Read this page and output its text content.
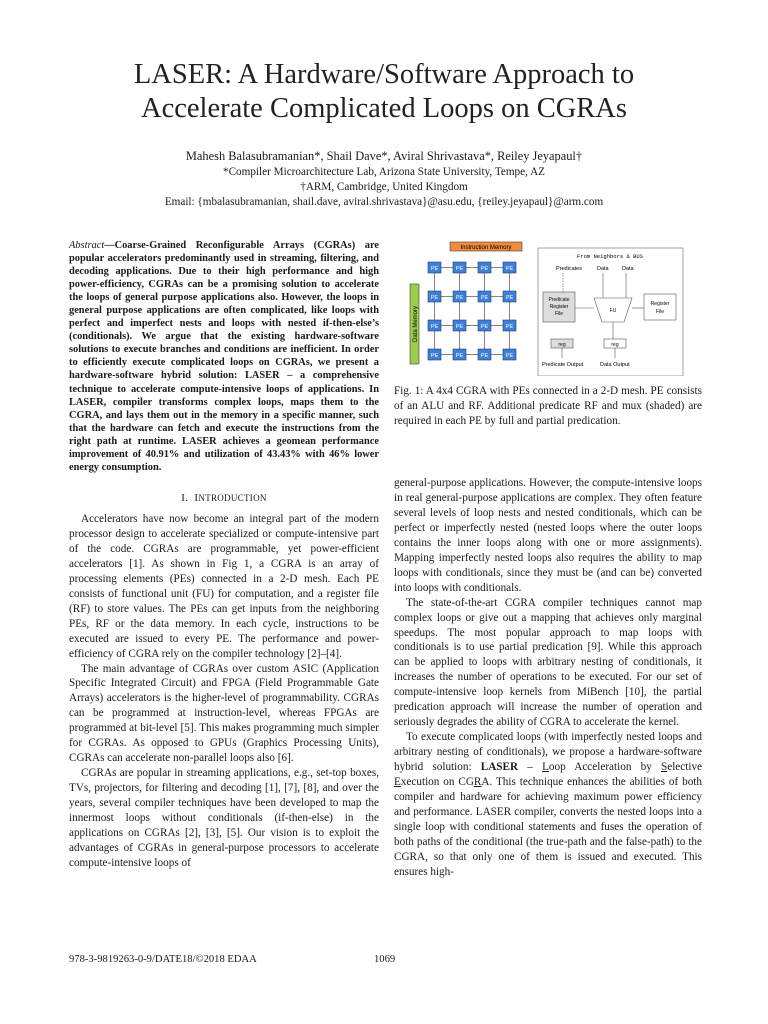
LASER: A Hardware/Software Approach to
Accelerate Complicated Loops on CGRAs
Mahesh Balasubramanian*, Shail Dave*, Aviral Shrivastava*, Reiley Jeyapaul†
*Compiler Microarchitecture Lab, Arizona State University, Tempe, AZ
†ARM, Cambridge, United Kingdom
Email: {mbalasubramanian, shail.dave, aviral.shrivastava}@asu.edu, {reiley.jeyapaul}@arm.com
Abstract—Coarse-Grained Reconfigurable Arrays (CGRAs) are popular accelerators predominantly used in streaming, filtering, and decoding applications. Due to their high performance and high power-efficiency, CGRAs can be a promising solution to accelerate the loops of general purpose applications also. However, the loops in general purpose applications are often complicated, like loops with perfect and imperfect nests and loops with nested if-then-else’s (conditionals). We argue that the existing hardware-software solutions to execute branches and conditions are inefficient. In order to efficiently execute complicated loops on CGRAs, we present a hardware-software hybrid solution: LASER – a comprehensive technique to accelerate compute-intensive loops of applications. In LASER, compiler transforms complex loops, maps them to the CGRA, and lays them out in the memory in a specific manner, such that the hardware can fetch and execute the instructions from the right path at runtime. LASER achieves a geomean performance improvement of 40.91% and utilization of 43.43% with 46% lower energy consumption.
I. INTRODUCTION

Accelerators have now become an integral part of the modern processor design to accelerate specialized or compute-intensive part of the code. CGRAs are programmable, yet power-efficient accelerators [1]. As shown in Fig 1, a CGRA is an array of processing elements (PEs) connected in a 2-D mesh. Each PE consists of functional unit (FU) for computation, and a register file (RF) to store values. The PEs can get inputs from the neighboring PEs, RF or the data memory. In each cycle, instructions to be executed are issued to every PE. The performance and power-efficiency of CGRA rely on the compiler technology [2]–[4].

The main advantage of CGRAs over custom ASIC (Application Specific Integrated Circuit) and FPGA (Field Programmable Gate Arrays) accelerators is the higher-level of programmability. CGRAs can be programmed at instruction-level, whereas FPGAs are programmed at bit-level [5]. This makes programming much simpler for CGRAs. As opposed to GPUs (Graphics Processing Units), CGRAs can accelerate non-parallel loops also [6].

CGRAs are popular in streaming applications, e.g., set-top boxes, TVs, projectors, for filtering and decoding [1], [7], [8], and over the years, several compiler techniques have been developed to map the innermost loops without conditionals (if-then-else) in the applications on CGRAs [2], [3], [5]. Our vision is to exploit the advantages of CGRAs in general-purpose processors to accelerate compute-intensive loops of

PE	PE	PE	PE
PE	PE	PE	PE
PE	PE	PE	PE
PE	PE	PE	PE
Instruction Memory
Data Memory
From Neighbors & BUS
Predicates	Data Data
Predicate
Register
File	FU
Register
File
reg	reg
Predicate Output	Data Output
Fig. 1: A 4x4 CGRA with PEs connected in a 2-D mesh. PE consists of an ALU and RF. Additional predicate RF and mux (shaded) are required in each PE by full and partial predication.

general-purpose applications. However, the compute-intensive loops in real general-purpose applications are complex. They often feature several levels of loop nests and nested conditionals, which can be perfect or imperfectly nested (nested loops where the outer loops contains the inner loops along with one or more assignments). Mapping imperfectly nested loops also requires the ability to map loops with conditionals, since they must be (and can be) converted into loops with conditionals.

The state-of-the-art CGRA compiler techniques cannot map complex loops or give out a mapping that achieves only marginal speedups. The most popular approach to map loops with conditionals is to use partial predication [9]. While this approach can be applied to loops with arbitrary nesting of conditionals, it increases the number of operations to be executed. For our set of compute-intensive loop kernels from MiBench [10], the partial predication approach will increase the number of operation and seriously degrades the ability of CGRA to accelerate the kernel.

To execute complicated loops (with imperfectly nested loops and arbitrary nesting of conditionals), we propose a hardware-software hybrid solution: LASER – Loop Acceleration by Selective Execution on CGRA. This technique enhances the abilities of both compiler and hardware for achieving maximum power efficiency and performance. LASER compiler, converts the nested loops into a single loop with conditional statements and fuses the operation of both paths of the conditional (the true-path and the false-path) to the CGRA, so that only one of them is issued and executed. This ensures high-

978-3-9819263-0-9/DATE18/©2018 EDAA	1069
